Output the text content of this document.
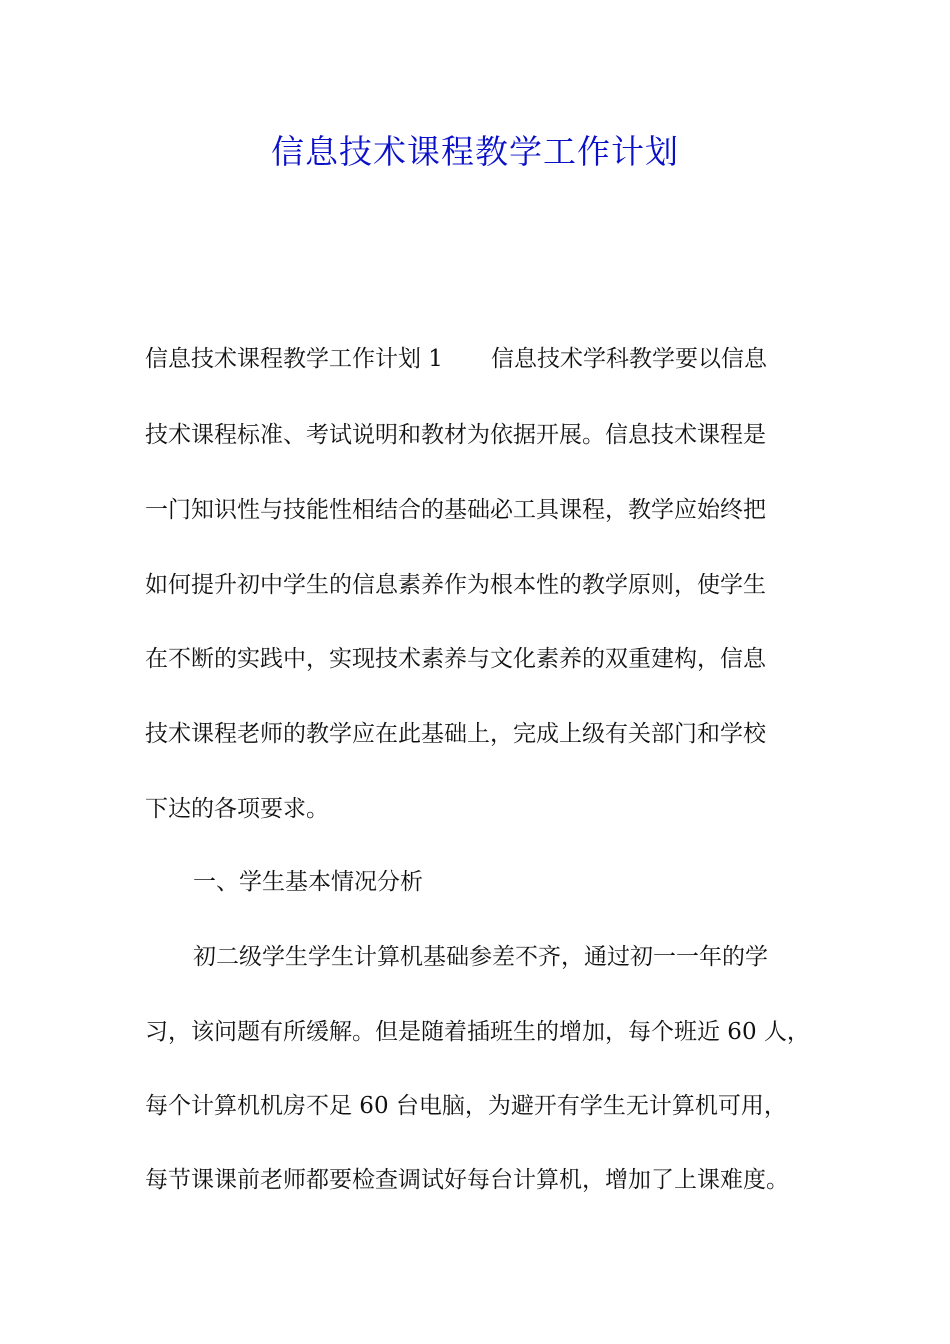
信息技术课程教学工作计划
信息技术课程教学工作计划 1 信息技术学科教学要以信息
技术课程标准、考试说明和教材为依据开展。信息技术课程是
一门知识性与技能性相结合的基础必工具课程，教学应始终把
如何提升初中学生的信息素养作为根本性的教学原则，使学生
在不断的实践中，实现技术素养与文化素养的双重建构，信息
技术课程老师的教学应在此基础上，完成上级有关部门和学校
下达的各项要求。
一、学生基本情况分析
初二级学生学生计算机基础参差不齐，通过初一一年的学
习，该问题有所缓解。但是随着插班生的增加，每个班近 60 人，
每个计算机机房不足 60 台电脑，为避开有学生无计算机可用，
每节课课前老师都要检查调试好每台计算机，增加了上课难度。
